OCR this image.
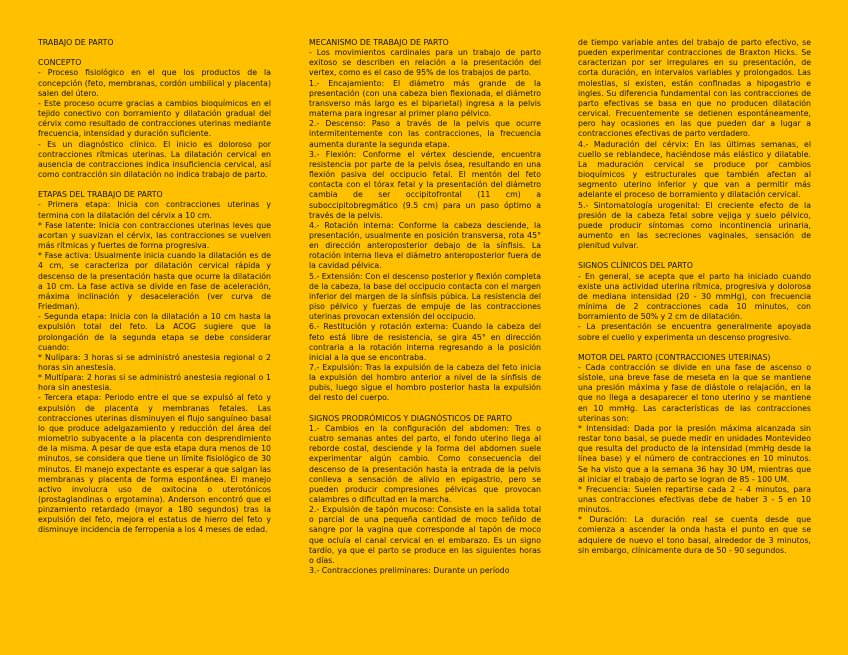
TRABAJO DE PARTO

CONCEPTO

- Proceso fisiológico en el que los productos de la concepción (feto, membranas, cordón umbilical y placenta) salen del útero.

- Este proceso ocurre gracias a cambios bioquímicos en el tejido conectivo con borramiento y dilatación gradual del cérvix como resultado de contracciones uterinas mediante frecuencia, intensidad y duración suficiente.

- Es un diagnóstico clínico. El inicio es doloroso por contracciones rítmicas uterinas. La dilatación cervical en ausencia de contracciones indica insuficiencia cervical, así como contracción sin dilatación no indica trabajo de parto.

ETAPAS DEL TRABAJO DE PARTO

- Primera etapa: Inicia con contracciones uterinas y termina con la dilatación del cérvix a 10 cm.

* Fase latente: Inicia con contracciones uterinas leves que acortan y suavizan el cérvix, las contracciones se vuelven más rítmicas y fuertes de forma progresiva.

* Fase activa: Usualmente inicia cuando la dilatación es de 4 cm, se caracteriza por dilatación cervical rápida y descenso de la presentación hasta que ocurre la dilatación a 10 cm. La fase activa se divide en fase de aceleración, máxima inclinación y desaceleración (ver curva de Friedman).

- Segunda etapa: Inicia con la dilatación a 10 cm hasta la expulsión total del feto. La ACOG sugiere que la prolongación de la segunda etapa se debe considerar cuando:

* Nulípara: 3 horas si se administró anestesia regional o 2 horas sin anestesia.

* Multípara: 2 horas si se administró anestesia regional o 1 hora sin anestesia.

- Tercera etapa: Periodo entre el que se expulsó al feto y expulsión de placenta y membranas fetales. Las contracciones uterinas disminuyen el flujo sanguíneo basal lo que produce adelgazamiento y reducción del área del miometrio subyacente a la placenta con desprendimiento de la misma. A pesar de que esta etapa dura menos de 10 minutos, se considera que tiene un límite fisiológico de 30 minutos. El manejo expectante es esperar a que salgan las membranas y placenta de forma espontánea. El manejo activo involucra uso de oxitocina o uterotónicos (prostaglandinas o ergotamina). Anderson encontró que el pinzamiento retardado (mayor a 180 segundos) tras la expulsión del feto, mejora el estatus de hierro del feto y disminuye incidencia de ferropenia a los 4 meses de edad.

MECANISMO DE TRABAJO DE PARTO

- Los movimientos cardinales para un trabajo de parto exitoso se describen en relación a la presentación del vertex, como es el caso de 95% de los trabajos de parto.

1.- Encajamiento: El diámetro más grande de la presentación (con una cabeza bien flexionada, el diámetro transverso más largo es el biparietal) ingresa a la pelvis materna para ingresar al primer plano pélvico.

2.- Descenso: Paso a través de la pelvis que ocurre intermitentemente con las contracciones, la frecuencia aumenta durante la segunda etapa.

3.- Flexión: Conforme el vértex desciende, encuentra resistencia por parte de la pelvis ósea, resultando en una flexión pasiva del occipucio fetal. El mentón del feto contacta con el tórax fetal y la presentación del diámetro cambia de ser occipitofrontal (11 cm) a suboccipitobregmático (9.5 cm) para un paso óptimo a través de la pelvis.

4.- Rotación interna: Conforme la cabeza desciende, la presentación, usualmente en posición transversa, rota 45° en dirección anteroposterior debajo de la sínfisis. La rotación interna lleva el diámetro anteroposterior fuera de la cavidad pélvica.

5.- Extensión: Con el descenso posterior y flexión completa de la cabeza, la base del occipucio contacta con el margen inferior del margen de la sínfisis púbica. La resistencia del piso pélvico y fuerzas de empuje de las contracciones uterinas provocan extensión del occipucio.

6.- Restitución y rotación externa: Cuando la cabeza del feto está libre de resistencia, se gira 45° en dirección contraria a la rotación interna regresando a la posición inicial a la que se encontraba.

7.- Expulsión: Tras la expulsión de la cabeza del feto inicia la expulsión del hombro anterior a nivel de la sínfisis de pubis, luego sigue el hombro posterior hasta la expulsión del resto del cuerpo.

SIGNOS PRODRÓMICOS Y DIAGNÓSTICOS DE PARTO

1.- Cambios en la configuración del abdomen: Tres o cuatro semanas antes del parto, el fondo uterino llega al reborde costal, desciende y la forma del abdomen suele experimentar algún cambio. Como consecuencia del descenso de la presentación hasta la entrada de la pelvis conlleva a sensación de alivio en epigastrio, pero se pueden producir compresiones pélvicas que provocan calambres o dificultad en la marcha.

2.- Expulsión de tapón mucoso: Consiste en la salida total o parcial de una pequeña cantidad de moco teñido de sangre por la vagina que corresponde al tapón de moco que ocluía el canal cervical en el embarazo. Es un signo tardío, ya que el parto se produce en las siguientes horas o días.

3.- Contracciones preliminares: Durante un período

de tiempo variable antes del trabajo de parto efectivo, se pueden experimentar contracciones de Braxton Hicks. Se caracterizan por ser irregulares en su presentación, de corta duración, en intervalos variables y prolongados. Las molestias, si existen, están confinadas a hipogastrio e ingles. Su diferencia fundamental con las contracciones de parto efectivas se basa en que no producen dilatación cervical. Frecuentemente se detienen espontáneamente, pero hay ocasiones en las que pueden dar a lugar a contracciones efectivas de parto verdadero.

4.- Maduración del cérvix: En las últimas semanas, el cuello se reblandece, haciéndose más elástico y dilatable. La maduración cervical se produce por cambios bioquímicos y estructurales que también afectan al segmento uterino inferior y que van a permitir más adelante el proceso de borramiento y dilatación cervical.

5.- Sintomatología urogenital: El creciente efecto de la presión de la cabeza fetal sobre vejiga y suelo pélvico, puede producir síntomas como incontinencia urinaria, aumento en las secreciones vaginales, sensación de plenitud vulvar.

SIGNOS CLÍNICOS DEL PARTO

- En general, se acepta que el parto ha iniciado cuando existe una actividad uterina rítmica, progresiva y dolorosa de mediana intensidad (20 - 30 mmHg), con frecuencia mínima de 2 contracciones cada 10 minutos, con borramiento de 50% y 2 cm de dilatación.

- La presentación se encuentra generalmente apoyada sobre el cuello y experimenta un descenso progresivo.

MOTOR DEL PARTO (CONTRACCIONES UTERINAS)

- Cada contracción se divide en una fase de ascenso o sístole, una breve fase de meseta en la que se mantiene una presión máxima y fase de diástole o relajación, en la que no llega a desaparecer el tono uterino y se mantiene en 10 mmHg. Las características de las contracciones uterinas son:

* Intensidad: Dada por la presión máxima alcanzada sin restar tono basal, se puede medir en unidades Montevideo que resulta del producto de la intensidad (mmHg desde la línea base) y el número de contracciones en 10 minutos. Se ha visto que a la semana 36 hay 30 UM, mientras que al iniciar el trabajo de parto se logran de 85 - 100 UM.

* Frecuencia: Suelen repartirse cada 2 - 4 minutos, para unas contracciones efectivas debe de haber 3 - 5 en 10 minutos.

* Duración: La duración real se cuenta desde que comienza a ascender la onda hasta el punto en que se adquiere de nuevo el tono basal, alrededor de 3 minutos, sin embargo, clínicamente dura de 50 - 90 segundos.
